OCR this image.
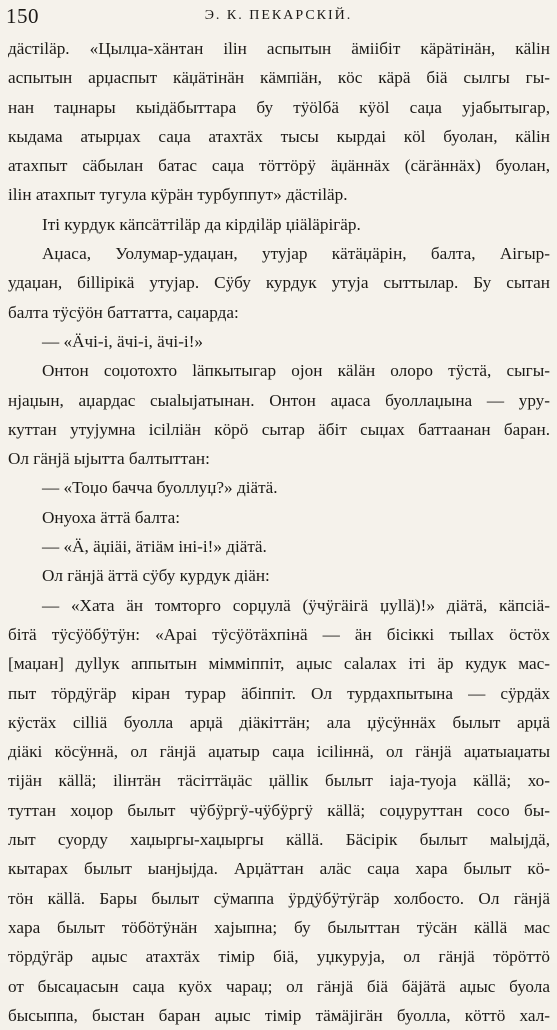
150	Э. К. ПЕКАРСКІЙ.
дäстіläр. «Цылџа-хäнтан іlін аспытын äміібіт кäрäтінäн, кälін
аспытын арџаспыт кäџäтінäн кäмпіäн, кöс кäрä біä сылгы гы-
нан таџнары кыідäбыттара бу тӱölбä кӱöl саџа ујабытыгар,
кыдама атырџах саџа атахтäх тысы кырдаі кöl буолан, кälін
атахпыт сäбылан батас саџа тöттöрӱ äџäннäх (сäгäннäх) буолан,
іlін атахпыт тугула кӱрäн турбуппут» дäстіläр.
Іті курдук кäпсäттіläр да кірдіläр џіäläрігäр.
Аџаса, Уолумар-удаџан, утујар кäтäџäрін, балта, Аігыр-
удаџан, біllірікä утујар. Сӱбу курдук утуја сыттылар. Бу сытан
балта тӱсӱöн баттатта, саџарда:
— «Äчі-і, äчі-і, äчі-і!»
Онтон соџотохто läпкытыгар ојон кäläн олоро тӱстä, сыгы-
нјаџын, аџардас сыаlыјатынан. Онтон аџаса буоллаџына — уру-
куттан утујумна ісіlліäн кöрö сытар äбіт сыџах баттаанан баран.
Ол гäнјä ыјытта балтыттан:
— «Тоџо бачча буоллуџ?» діäтä.
Онуоха äттä балта:
— «Ä, äџіäі, äтіäм іні-і!» діäтä.
Ол гäнјä äттä сӱбу курдук діäн:
— «Хата äн томторго сорџулä (ӱчӱгäігä џуllä)!» діäтä, кäпсіä-
бітä тӱсӱöбӱтӱн: «Араі тӱсӱöтäхпінä — äн бісіккі тыllах öстöх
[маџан] дуllук аппытын мімміппіт, аџыс саlалах іті äр кудук мас-
пыт тöрдӱгäр кіран турар äбіппіт. Ол турдахпытына — сӱрдäх
кӱстäх сіllіä буолла арџä діäкіттäн; ала џӱсӱннäх былыт арџä
діäкі кöсӱннä, ол гäнјä аџатыр саџа ісіlіннä, ол гäнјä аџатыаџаты
тіјäн кällä; іlінтäн тäсіттäџäс џällік былыт іаја-туојa кällä; хо-
туттан хоџор былыт чӱбӱргӱ-чӱбӱргӱ кällä; соџуруттан сосо бы-
лыт суорду хаџыргы-хаџыргы кällä. Бäсірік былыт маlыјдä,
кытарах былыт ыанјыјдa. Арџäттан алäс саџа хара былыт кö-
тöн кällä. Бары былыт сӱмаппа ӱрдӱбӱтӱгäр холбосто. Ол гäнјä
хара былыт тöбöтӱнäн хајыпна; бу былыттан тӱсäн кällä мас
тöрдӱгäр аџыс атахтäх тімір біä, уџкуруја, ол гäнјä тöрöттö
от бысаџасын саџа куöх чараџ; ол гäнјä біä бäјäтä аџыс буола
бысыппа, быстан баран аџыс тімір тäмäјігäн буолла, кöттö хал-
